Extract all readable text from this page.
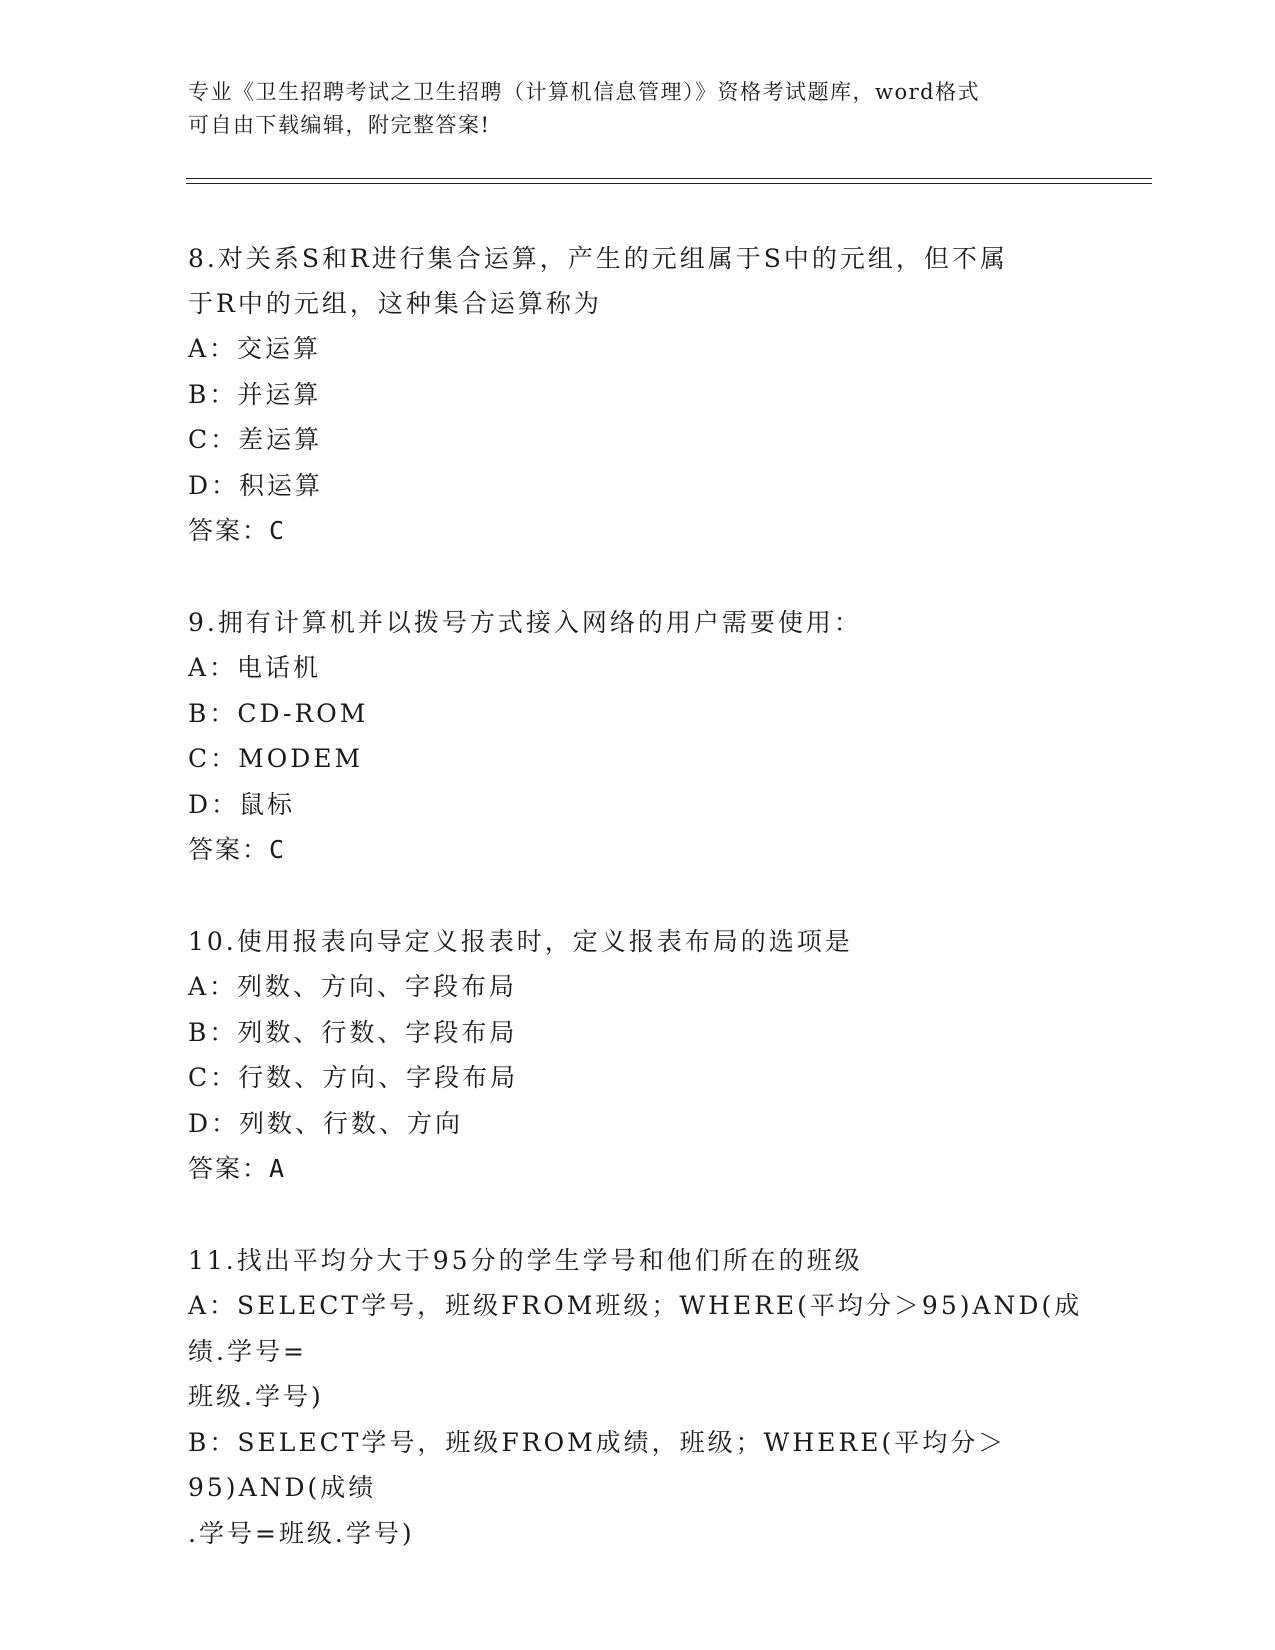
专业《卫生招聘考试之卫生招聘（计算机信息管理）》资格考试题库，word格式
可自由下载编辑，附完整答案!
8.对关系S和R进行集合运算，产生的元组属于S中的元组，但不属
于R中的元组，这种集合运算称为
A：交运算
B：并运算
C：差运算
D：积运算
答案：C
9.拥有计算机并以拨号方式接入网络的用户需要使用：
A：电话机
B：CD-ROM
C：MODEM
D：鼠标
答案：C
10.使用报表向导定义报表时，定义报表布局的选项是
A：列数、方向、字段布局
B：列数、行数、字段布局
C：行数、方向、字段布局
D：列数、行数、方向
答案：A
11.找出平均分大于95分的学生学号和他们所在的班级
A：SELECT学号，班级FROM班级；WHERE(平均分＞95)AND(成绩.学号=
班级.学号)
B：SELECT学号，班级FROM成绩，班级；WHERE(平均分＞95)AND(成绩
.学号=班级.学号)
